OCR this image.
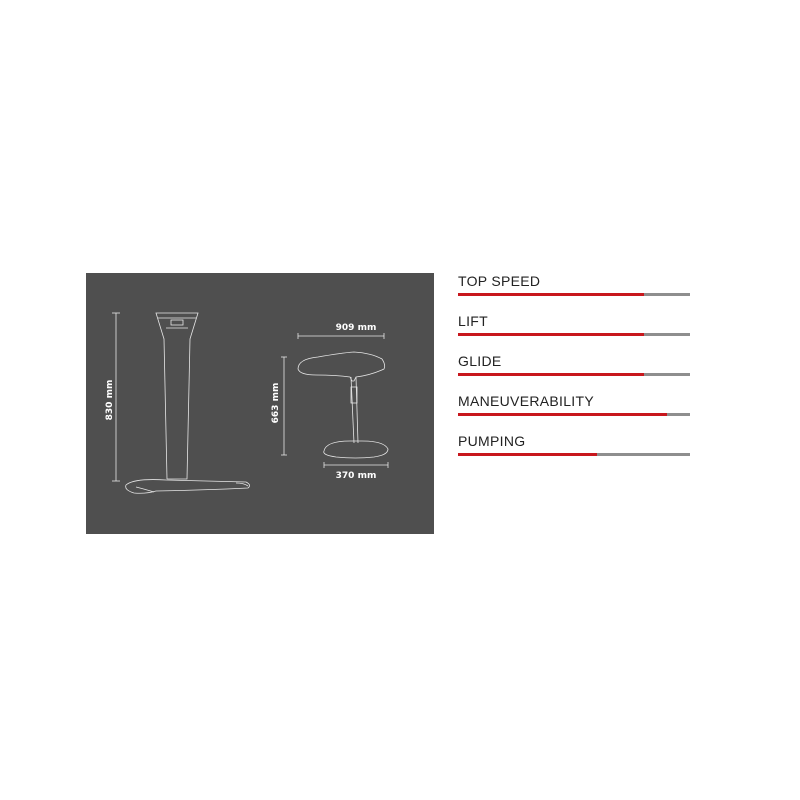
830 mm
909 mm
663 mm
370 mm
TOP SPEED
LIFT
GLIDE
MANEUVERABILITY
PUMPING
